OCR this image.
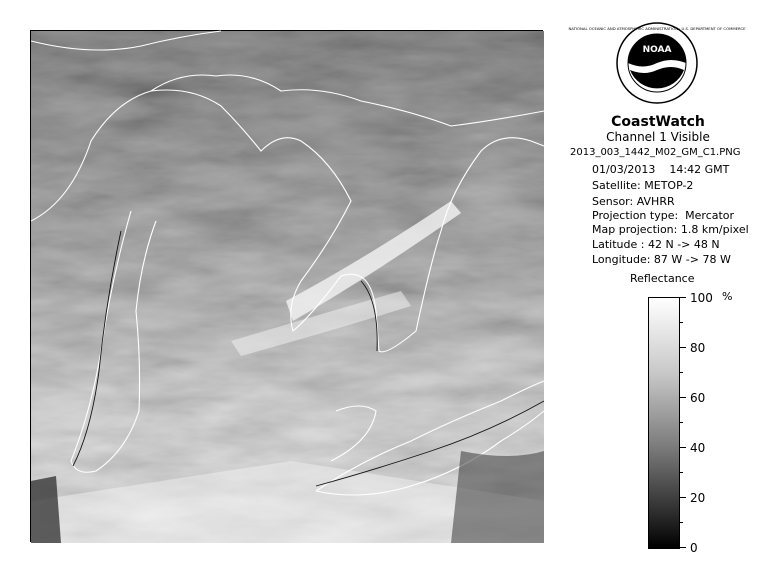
NOAA
NATIONAL OCEANIC AND ATMOSPHERIC ADMINISTRATION · U.S. DEPARTMENT OF COMMERCE
CoastWatch
Channel 1 Visible
2013_003_1442_M02_GM_C1.PNG
01/03/2013    14:42 GMT
Satellite: METOP-2
Sensor: AVHRR
Projection type:  Mercator
Map projection: 1.8 km/pixel
Latitude : 42 N -> 48 N
Longitude: 87 W -> 78 W
Reflectance
%
100
80
60
40
20
0
